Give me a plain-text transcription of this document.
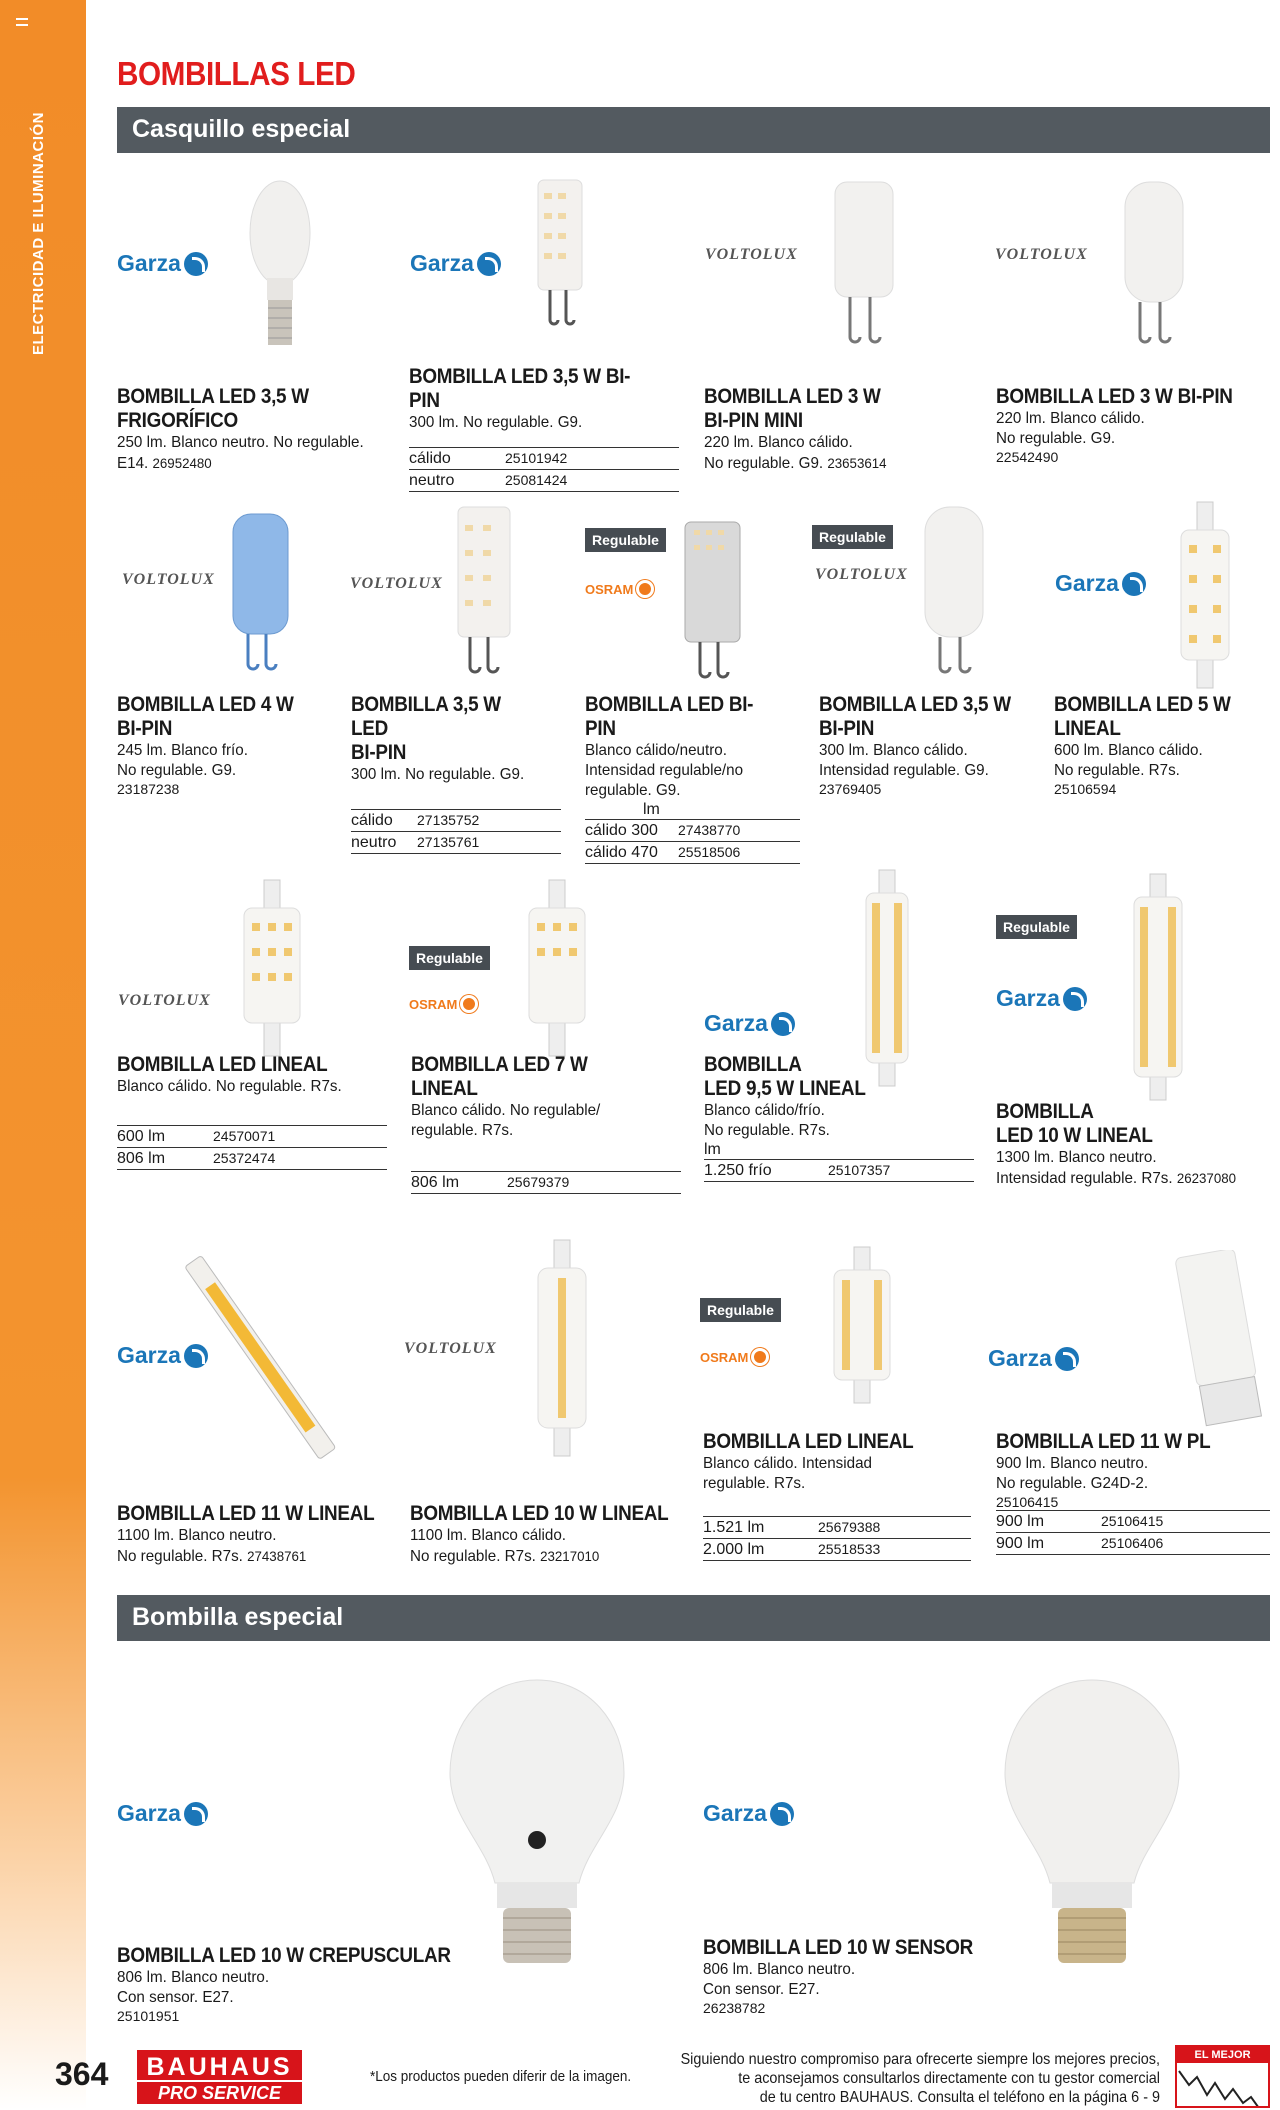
ELECTRICIDAD E ILUMINACIÓN
BOMBILLAS LED
Casquillo especial
Garza	Garza	VOLTOLUX	VOLTOLUX
BOMBILLA LED 3,5 W
FRIGORÍFICO
250 lm. Blanco neutro. No regulable.
E14. 26952480
BOMBILLA LED 3,5 W BI-PIN
300 lm. No regulable. G9.
cálido	25101942
neutro	25081424
BOMBILLA LED 3 W
BI-PIN MINI
220 lm. Blanco cálido.
No regulable. G9. 23653614
BOMBILLA LED 3 W BI-PIN
220 lm. Blanco cálido.
No regulable. G9.
22542490
VOLTOLUX	VOLTOLUX
Regulable
OSRAM
Regulable
VOLTOLUX	Garza
BOMBILLA LED 4 W
BI-PIN
245 lm. Blanco frío.
No regulable. G9.
23187238
BOMBILLA 3,5 W LED
BI-PIN
300 lm. No regulable. G9.
cálido	27135752
neutro	27135761
BOMBILLA LED BI-PIN
Blanco cálido/neutro.
Intensidad regulable/no
regulable. G9.
lm
cálido 300	27438770
cálido 470	25518506
BOMBILLA LED 3,5 W
BI-PIN
300 lm. Blanco cálido.
Intensidad regulable. G9.
23769405
BOMBILLA LED 5 W
LINEAL
600 lm. Blanco cálido.
No regulable. R7s.
25106594
VOLTOLUX
Regulable
OSRAM
Garza
Regulable
Garza
BOMBILLA LED LINEAL
Blanco cálido. No regulable. R7s.
600 lm	24570071
806 lm	25372474
BOMBILLA LED 7 W LINEAL
Blanco cálido. No regulable/
regulable. R7s.
806 lm	25679379
BOMBILLA
LED 9,5 W LINEAL
Blanco cálido/frío.
No regulable. R7s.
lm
1.250 frío	25107357
BOMBILLA
LED 10 W LINEAL
1300 lm. Blanco neutro.
Intensidad regulable. R7s. 26237080
Garza	VOLTOLUX
Regulable
OSRAM	Garza
BOMBILLA LED 11 W LINEAL
1100 lm. Blanco neutro.
No regulable. R7s. 27438761
BOMBILLA LED 10 W LINEAL
1100 lm. Blanco cálido.
No regulable. R7s. 23217010
BOMBILLA LED LINEAL
Blanco cálido. Intensidad
regulable. R7s.
1.521 lm	25679388
2.000 lm	25518533
BOMBILLA LED 11 W PL
900 lm. Blanco neutro.
No regulable. G24D-2.
25106415
900 lm	25106415
900 lm	25106406
Bombilla especial
Garza	Garza
BOMBILLA LED 10 W CREPUSCULAR
806 lm. Blanco neutro.
Con sensor. E27.
25101951
BOMBILLA LED 10 W SENSOR
806 lm. Blanco neutro.
Con sensor. E27.
26238782
364	BAUHAUS
PRO SERVICE
*Los productos pueden diferir de la imagen.
Siguiendo nuestro compromiso para ofrecerte siempre los mejores precios,
te aconsejamos consultarlos directamente con tu gestor comercial
de tu centro BAUHAUS. Consulta el teléfono en la página 6 - 9
EL MEJOR PRECIO
